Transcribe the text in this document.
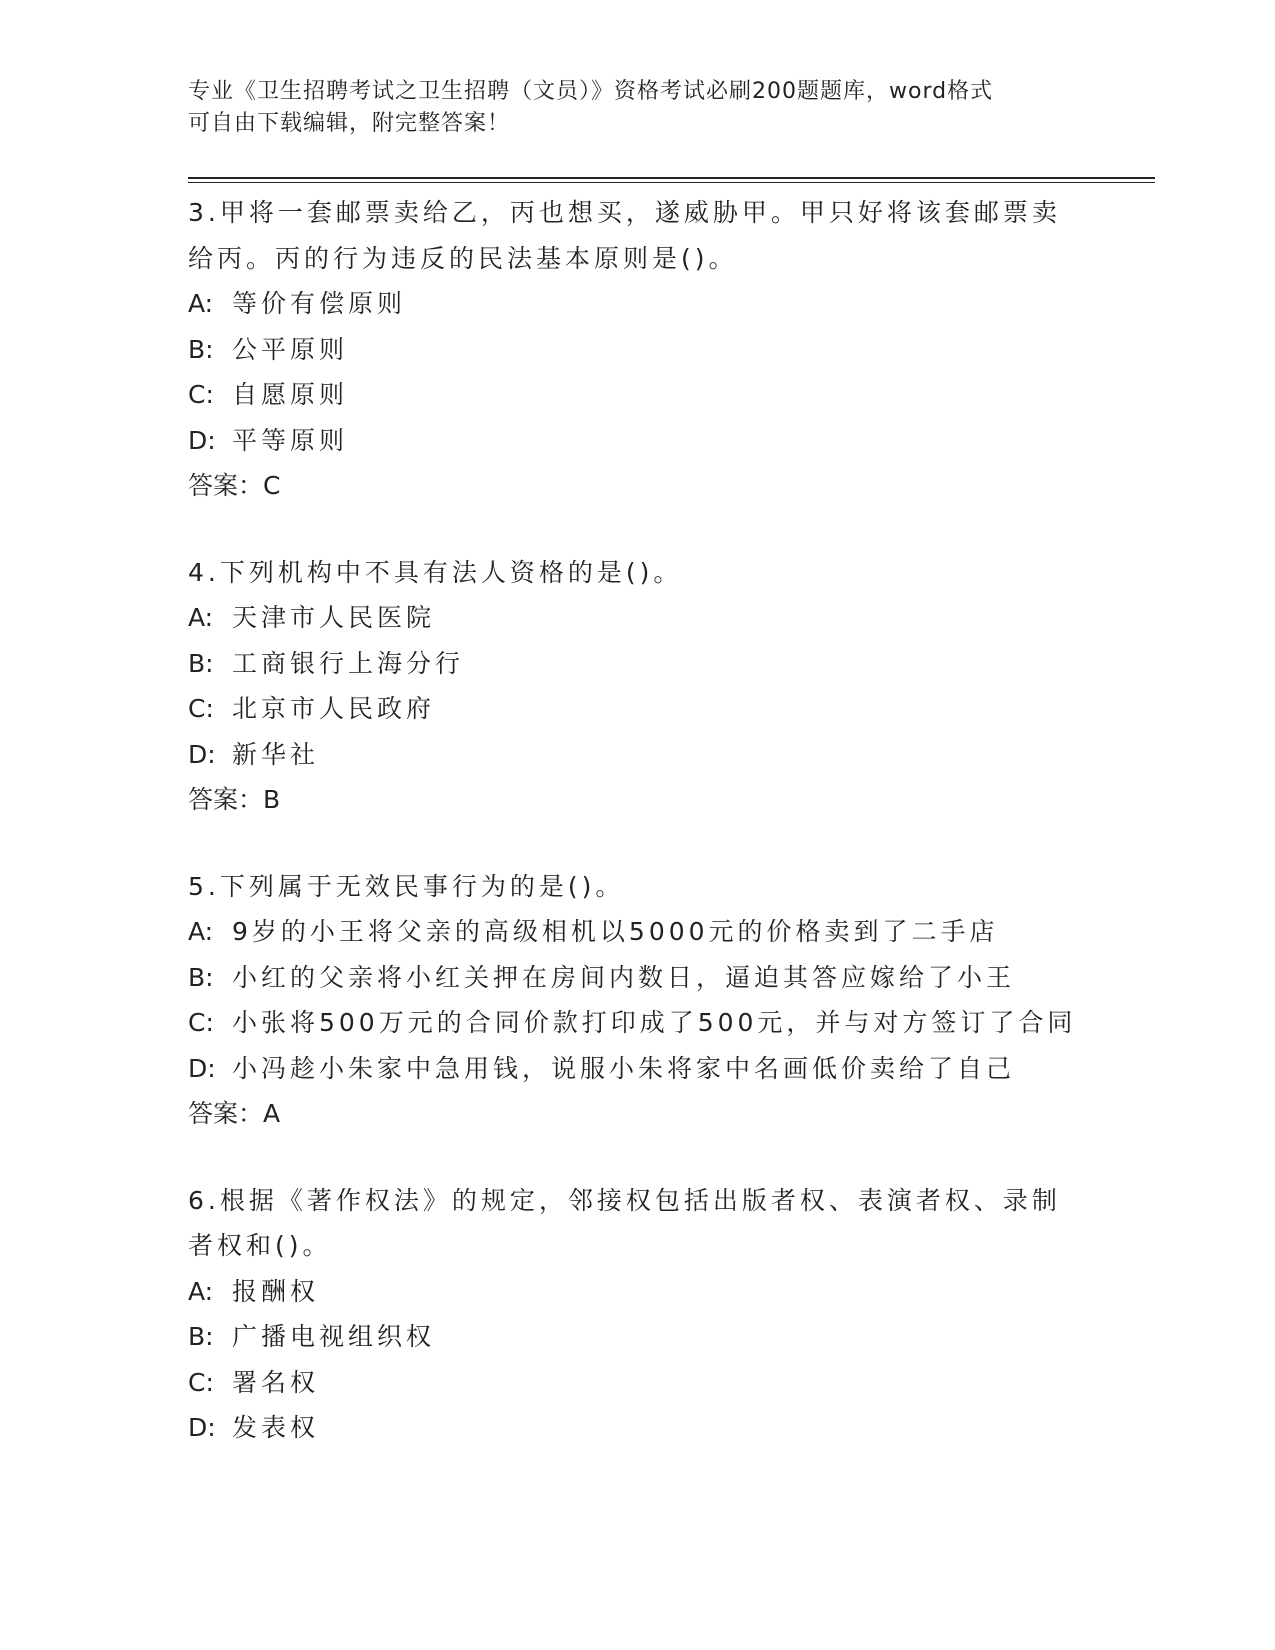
专业《卫生招聘考试之卫生招聘（文员）》资格考试必刷200题题库，word格式
可自由下载编辑，附完整答案！
3.甲将一套邮票卖给乙，丙也想买，遂威胁甲。甲只好将该套邮票卖
给丙。丙的行为违反的民法基本原则是()。
A: 等价有偿原则
B: 公平原则
C: 自愿原则
D: 平等原则
答案：C
4.下列机构中不具有法人资格的是()。
A: 天津市人民医院
B: 工商银行上海分行
C: 北京市人民政府
D: 新华社
答案：B
5.下列属于无效民事行为的是()。
A: 9岁的小王将父亲的高级相机以5000元的价格卖到了二手店
B: 小红的父亲将小红关押在房间内数日，逼迫其答应嫁给了小王
C: 小张将500万元的合同价款打印成了500元，并与对方签订了合同
D: 小冯趁小朱家中急用钱，说服小朱将家中名画低价卖给了自己
答案：A
6.根据《著作权法》的规定，邻接权包括出版者权、表演者权、录制
者权和()。
A: 报酬权
B: 广播电视组织权
C: 署名权
D: 发表权
